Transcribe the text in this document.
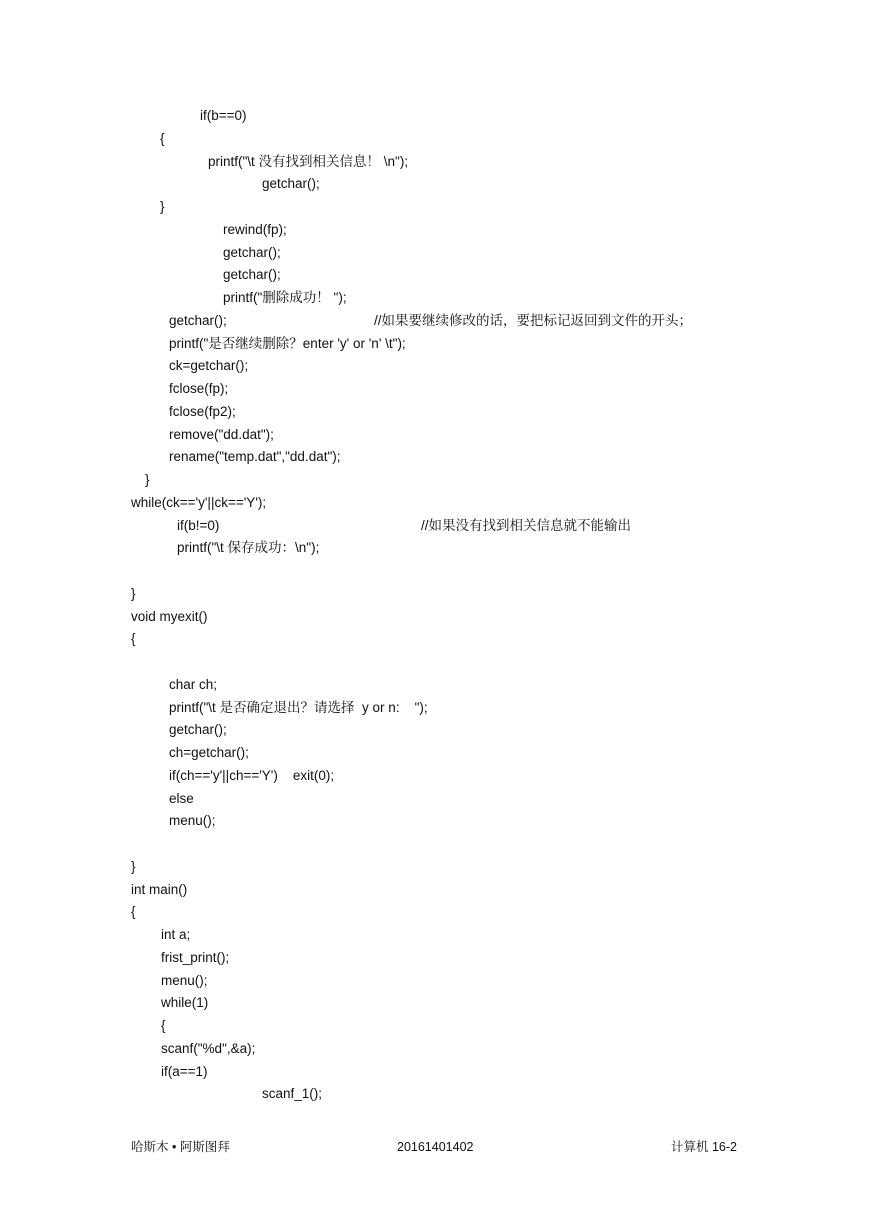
if(b==0)
{
printf("\t 没有找到相关信息！ \n");
getchar();
}
rewind(fp);
getchar();
getchar();
printf("删除成功！ ");
getchar();	//如果要继续修改的话，要把标记返回到文件的开头；
printf("是否继续删除？enter 'y' or 'n' \t");
ck=getchar();
fclose(fp);
fclose(fp2);
remove("dd.dat");
rename("temp.dat","dd.dat");
}
while(ck=='y'||ck=='Y');
if(b!=0)	//如果没有找到相关信息就不能输出
printf("\t 保存成功：\n");
}
void myexit()
{
char ch;
printf("\t 是否确定退出？请选择  y or n:    ");
getchar();
ch=getchar();
if(ch=='y'||ch=='Y')    exit(0);
else
menu();
}
int main()
{
int a;
frist_print();
menu();
while(1)
{
scanf("%d",&a);
if(a==1)
scanf_1();
哈斯木 • 阿斯图拜	20161401402	计算机 16-2
